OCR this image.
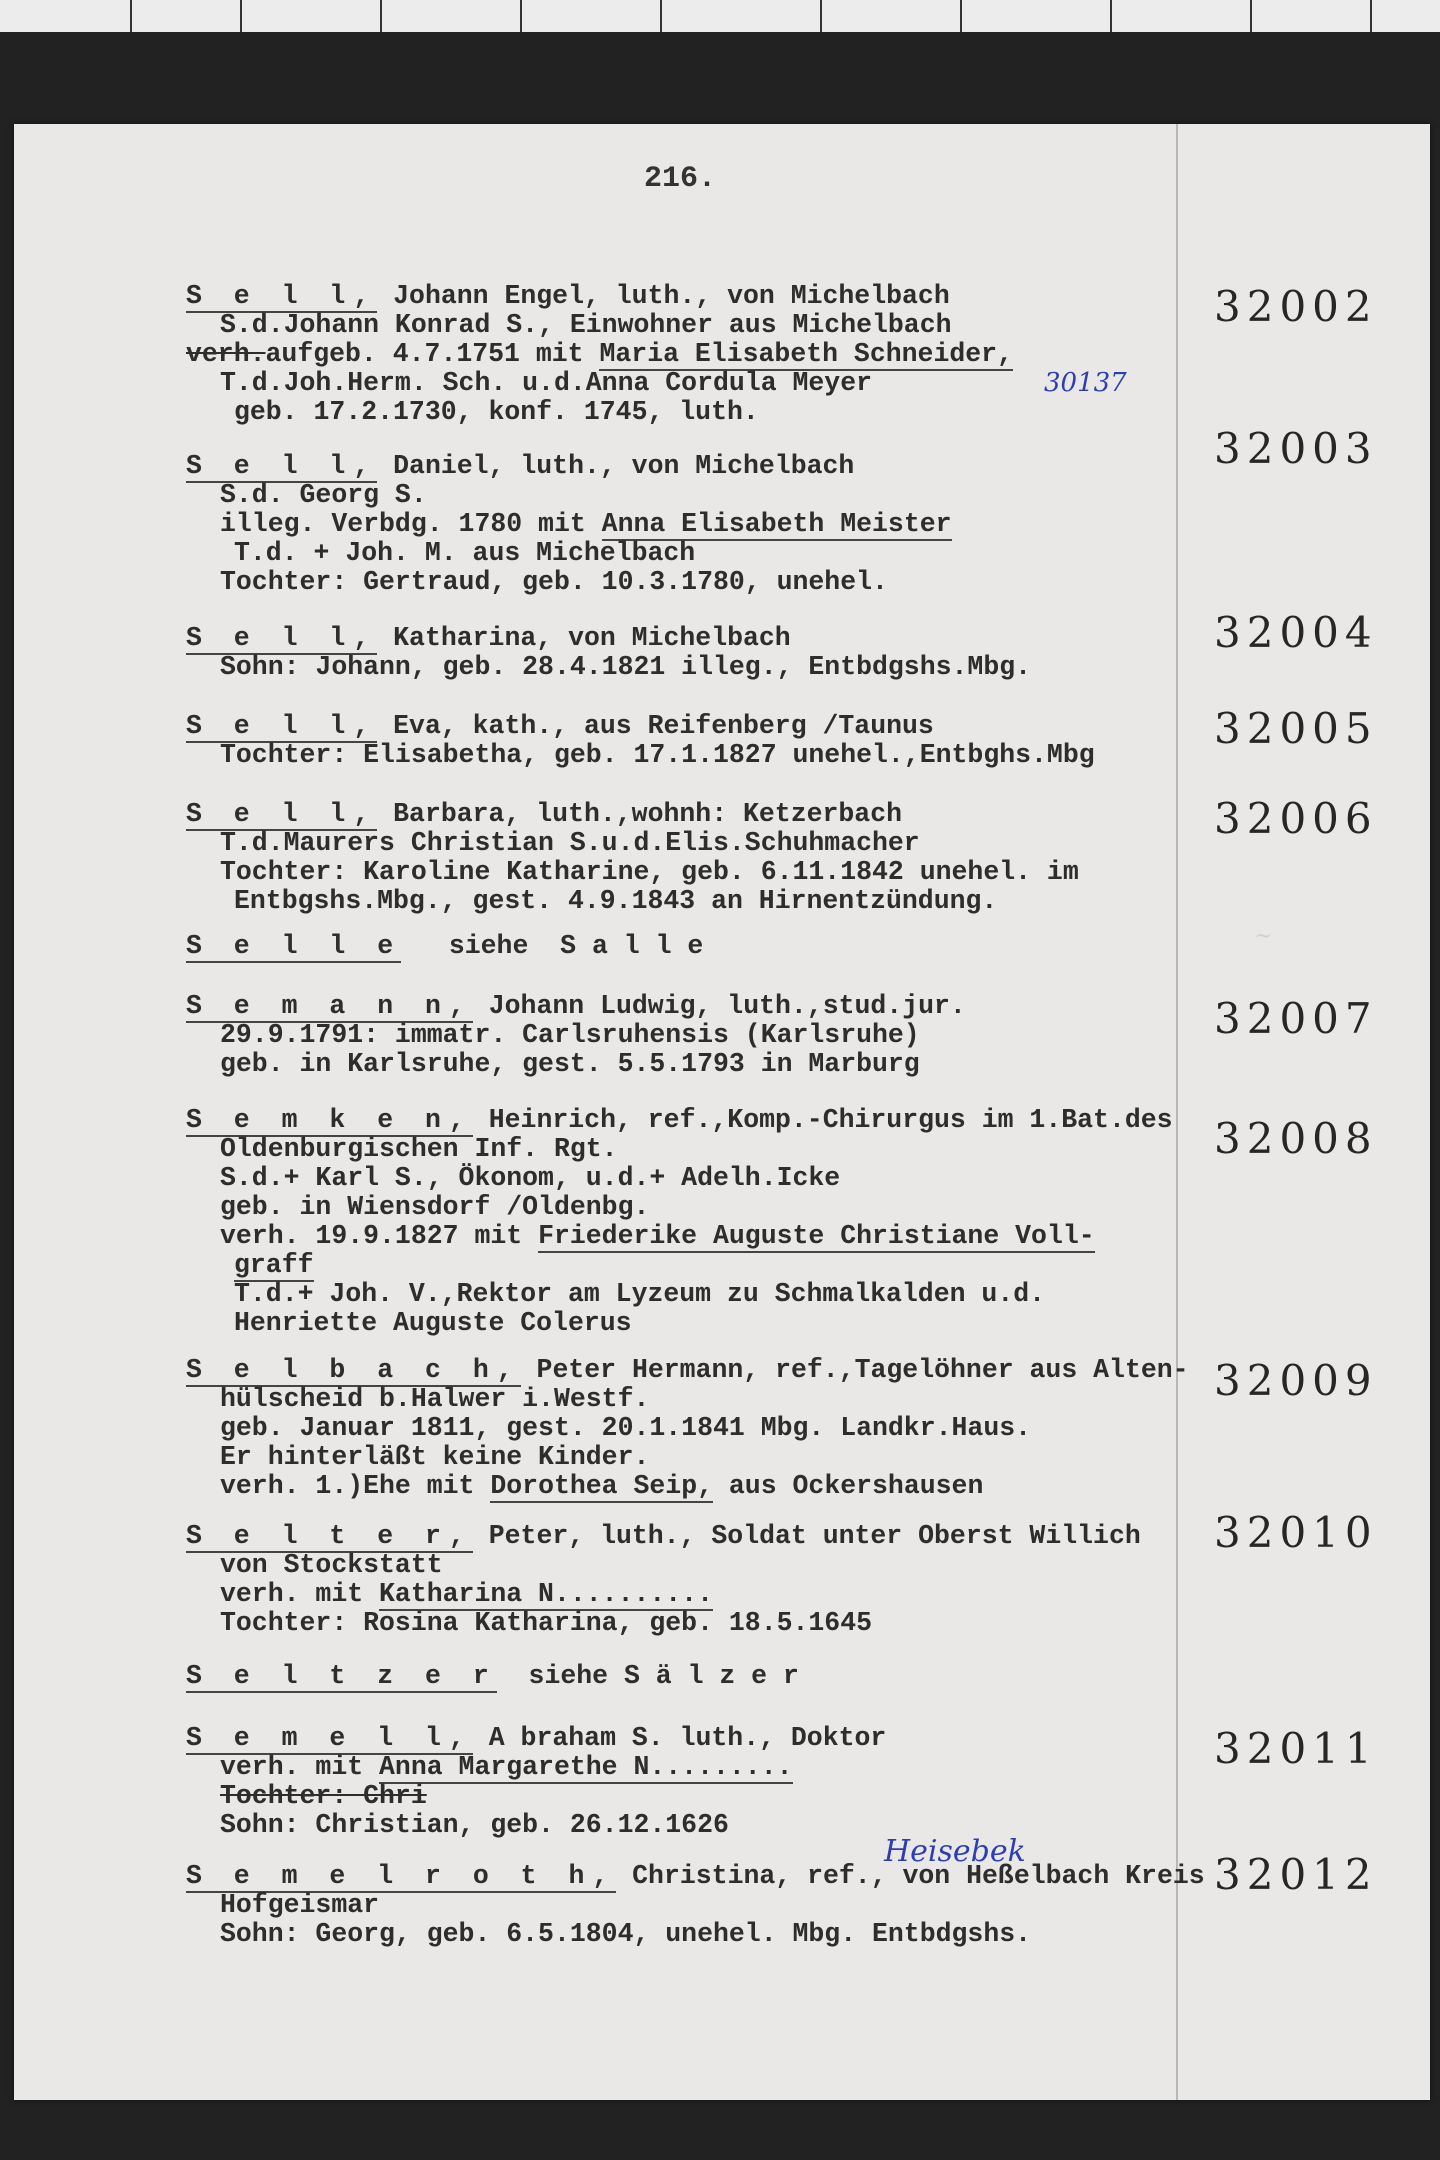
216.
S e l l, Johann Engel, luth., von Michelbach
S.d.Johann Konrad S., Einwohner aus Michelbach
verh.aufgeb. 4.7.1751 mit Maria Elisabeth Schneider,
T.d.Joh.Herm. Sch. u.d.Anna Cordula Meyer
geb. 17.2.1730, konf. 1745, luth.
32002
30137
S e l l, Daniel, luth., von Michelbach
S.d. Georg S.
illeg. Verbdg. 1780 mit Anna Elisabeth Meister
T.d. + Joh. M. aus Michelbach
Tochter: Gertraud, geb. 10.3.1780, unehel.
32003
S e l l, Katharina, von Michelbach
Sohn: Johann, geb. 28.4.1821 illeg., Entbdgshs.Mbg.
32004
S e l l, Eva, kath., aus Reifenberg /Taunus
Tochter: Elisabetha, geb. 17.1.1827 unehel.,Entbghs.Mbg
32005
S e l l, Barbara, luth.,wohnh: Ketzerbach
T.d.Maurers Christian S.u.d.Elis.Schuhmacher
Tochter: Karoline Katharine, geb. 6.11.1842 unehel. im
Entbgshs.Mbg., gest. 4.9.1843 an Hirnentzündung.
32006
S e l l e   siehe  S a l l e
S e m a n n, Johann Ludwig, luth.,stud.jur.
29.9.1791: immatr. Carlsruhensis (Karlsruhe)
geb. in Karlsruhe, gest. 5.5.1793 in Marburg
32007
S e m k e n, Heinrich, ref.,Komp.-Chirurgus im 1.Bat.des
Oldenburgischen Inf. Rgt.
S.d.+ Karl S., Ökonom, u.d.+ Adelh.Icke
geb. in Wiensdorf /Oldenbg.
verh. 19.9.1827 mit Friederike Auguste Christiane Voll-
graff
T.d.+ Joh. V.,Rektor am Lyzeum zu Schmalkalden u.d.
Henriette Auguste Colerus
32008
S e l b a c h, Peter Hermann, ref.,Tagelöhner aus Alten-
hülscheid b.Halwer i.Westf.
geb. Januar 1811, gest. 20.1.1841 Mbg. Landkr.Haus.
Er hinterläßt keine Kinder.
verh. 1.)Ehe mit Dorothea Seip, aus Ockershausen
32009
S e l t e r, Peter, luth., Soldat unter Oberst Willich
von Stockstatt
verh. mit Katharina N..........
Tochter: Rosina Katharina, geb. 18.5.1645
32010
S e l t z e r  siehe S ä l z e r
S e m e l l, A braham S. luth., Doktor
verh. mit Anna Margarethe N.........
Tochter: Chri
Sohn: Christian, geb. 26.12.1626
32011
S e m e l r o t h, Christina, ref., von Heßelbach Kreis
Hofgeismar
Sohn: Georg, geb. 6.5.1804, unehel. Mbg. Entbdgshs.
32012
Heisebek
~
